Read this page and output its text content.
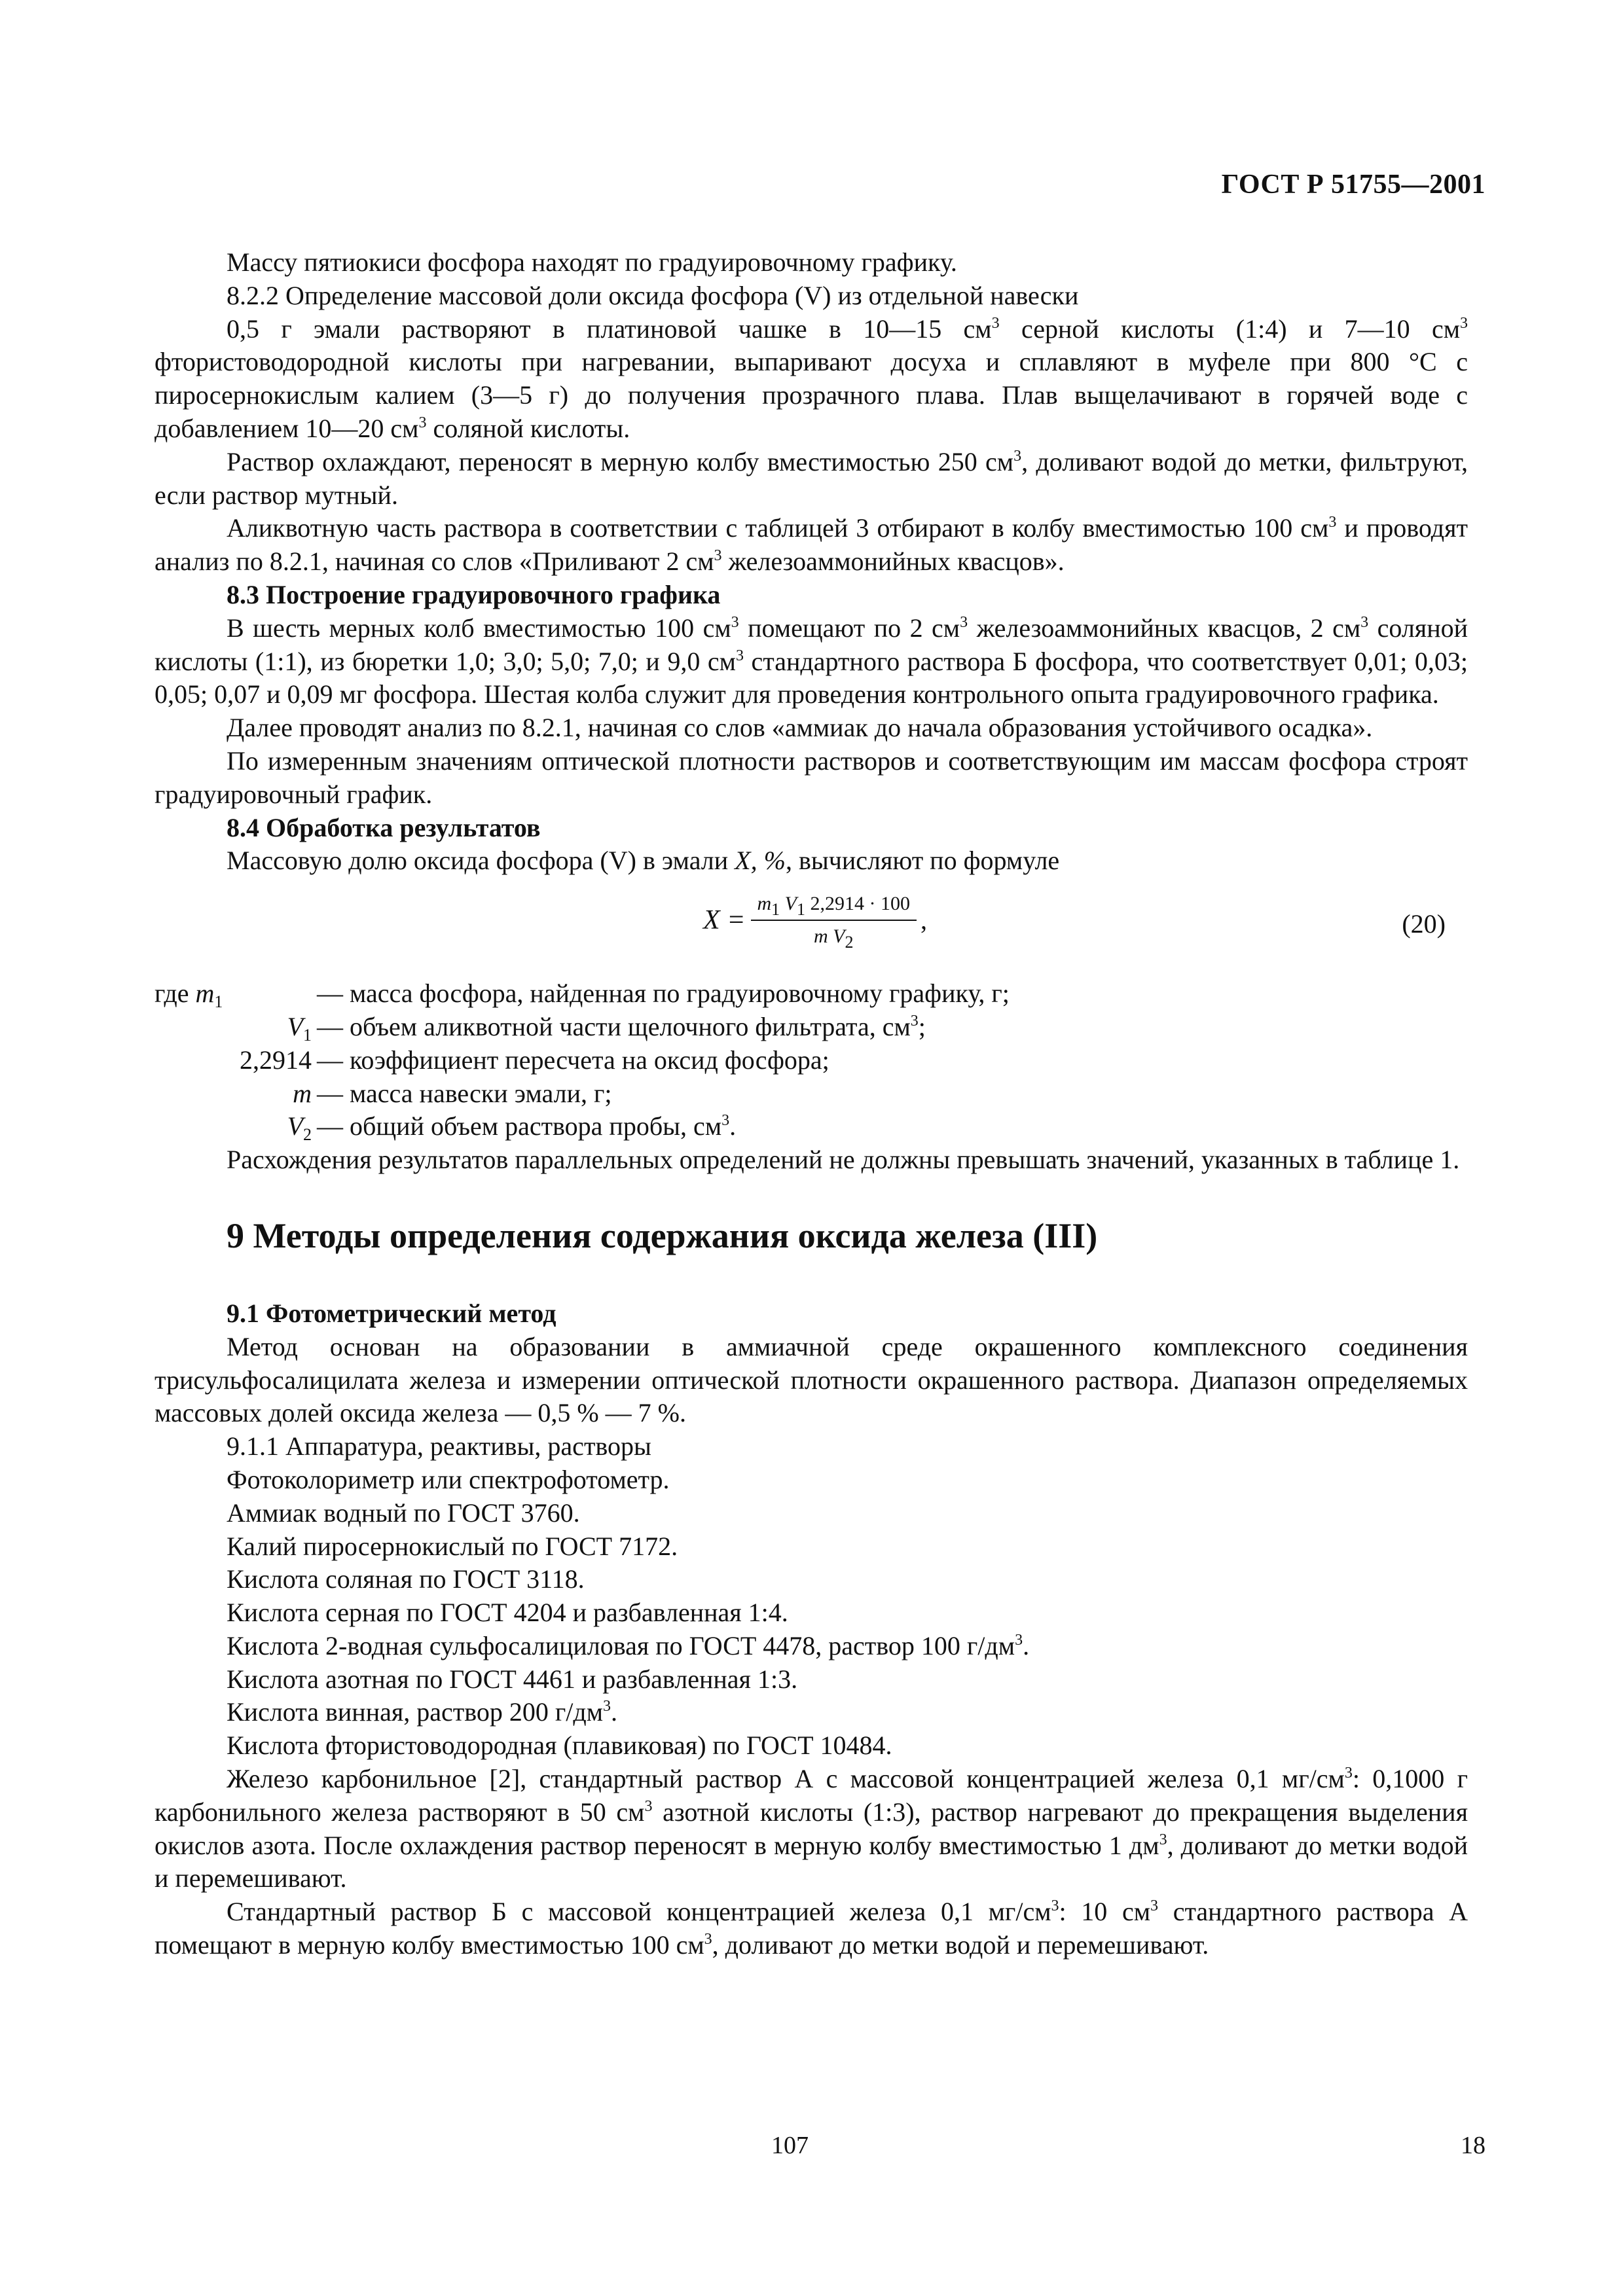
ГОСТ Р 51755—2001

Массу пятиокиси фосфора находят по градуировочному графику.

8.2.2 Определение массовой доли оксида фосфора (V) из отдельной навески

0,5 г эмали растворяют в платиновой чашке в 10—15 $см^3$ серной кислоты (1:4) и 7—10 $см^3$ фтористоводородной кислоты при нагревании, выпаривают досуха и сплавляют в муфеле при 800 °С с пиросернокислым калием (3—5 г) до получения прозрачного плава. Плав выщелачивают в горячей воде с добавлением 10—20 $см^3$ соляной кислоты.

Раствор охлаждают, переносят в мерную колбу вместимостью 250 $см^3$, доливают водой до метки, фильтруют, если раствор мутный.

Аликвотную часть раствора в соответствии с таблицей 3 отбирают в колбу вместимостью 100 $см^3$ и проводят анализ по 8.2.1, начиная со слов «Приливают 2 $см^3$ железоаммонийных квасцов».

8.3 Построение градуировочного графика

В шесть мерных колб вместимостью 100 $см^3$ помещают по 2 $см^3$ железоаммонийных квасцов, 2 $см^3$ соляной кислоты (1:1), из бюретки 1,0; 3,0; 5,0; 7,0; и 9,0 $см^3$ стандартного раствора Б фосфора, что соответствует 0,01; 0,03; 0,05; 0,07 и 0,09 мг фосфора. Шестая колба служит для проведения контрольного опыта градуировочного графика.

Далее проводят анализ по 8.2.1, начиная со слов «аммиак до начала образования устойчивого осадка».

По измеренным значениям оптической плотности растворов и соответствующим им массам фосфора строят градуировочный график.

8.4 Обработка результатов

Массовую долю оксида фосфора (V) в эмали X, %, вычисляют по формуле

$X = \frac{m_1 V_1 2,2914 \cdot 100}{m V_2}$ ,	(20)
где $m_1$	— масса фосфора, найденная по градуировочному графику, г;
$V_1$ — объем аликвотной части щелочного фильтрата, $см^3$;
2,2914 — коэффициент пересчета на оксид фосфора;
m — масса навески эмали, г;
$V_2$ — общий объем раствора пробы, $см^3$.

Расхождения результатов параллельных определений не должны превышать значений, указанных в таблице 1.

9 Методы определения содержания оксида железа (III)

9.1 Фотометрический метод

Метод основан на образовании в аммиачной среде окрашенного комплексного соединения трисульфосалицилата железа и измерении оптической плотности окрашенного раствора. Диапазон определяемых массовых долей оксида железа — 0,5 % — 7 %.

9.1.1 Аппаратура, реактивы, растворы

Фотоколориметр или спектрофотометр.

Аммиак водный по ГОСТ 3760.

Калий пиросернокислый по ГОСТ 7172.

Кислота соляная по ГОСТ 3118.

Кислота серная по ГОСТ 4204 и разбавленная 1:4.

Кислота 2-водная сульфосалициловая по ГОСТ 4478, раствор 100 $г/дм^3$.

Кислота азотная по ГОСТ 4461 и разбавленная 1:3.

Кислота винная, раствор 200 $г/дм^3$.

Кислота фтористоводородная (плавиковая) по ГОСТ 10484.

Железо карбонильное [2], стандартный раствор А с массовой концентрацией железа 0,1 $мг/см^3$: 0,1000 г карбонильного железа растворяют в 50 $см^3$ азотной кислоты (1:3), раствор нагревают до прекращения выделения окислов азота. После охлаждения раствор переносят в мерную колбу вместимостью 1 $дм^3$, доливают до метки водой и перемешивают.

Стандартный раствор Б с массовой концентрацией железа 0,1 $мг/см^3$: 10 $см^3$ стандартного раствора А помещают в мерную колбу вместимостью 100 $см^3$, доливают до метки водой и перемешивают.

107	18
